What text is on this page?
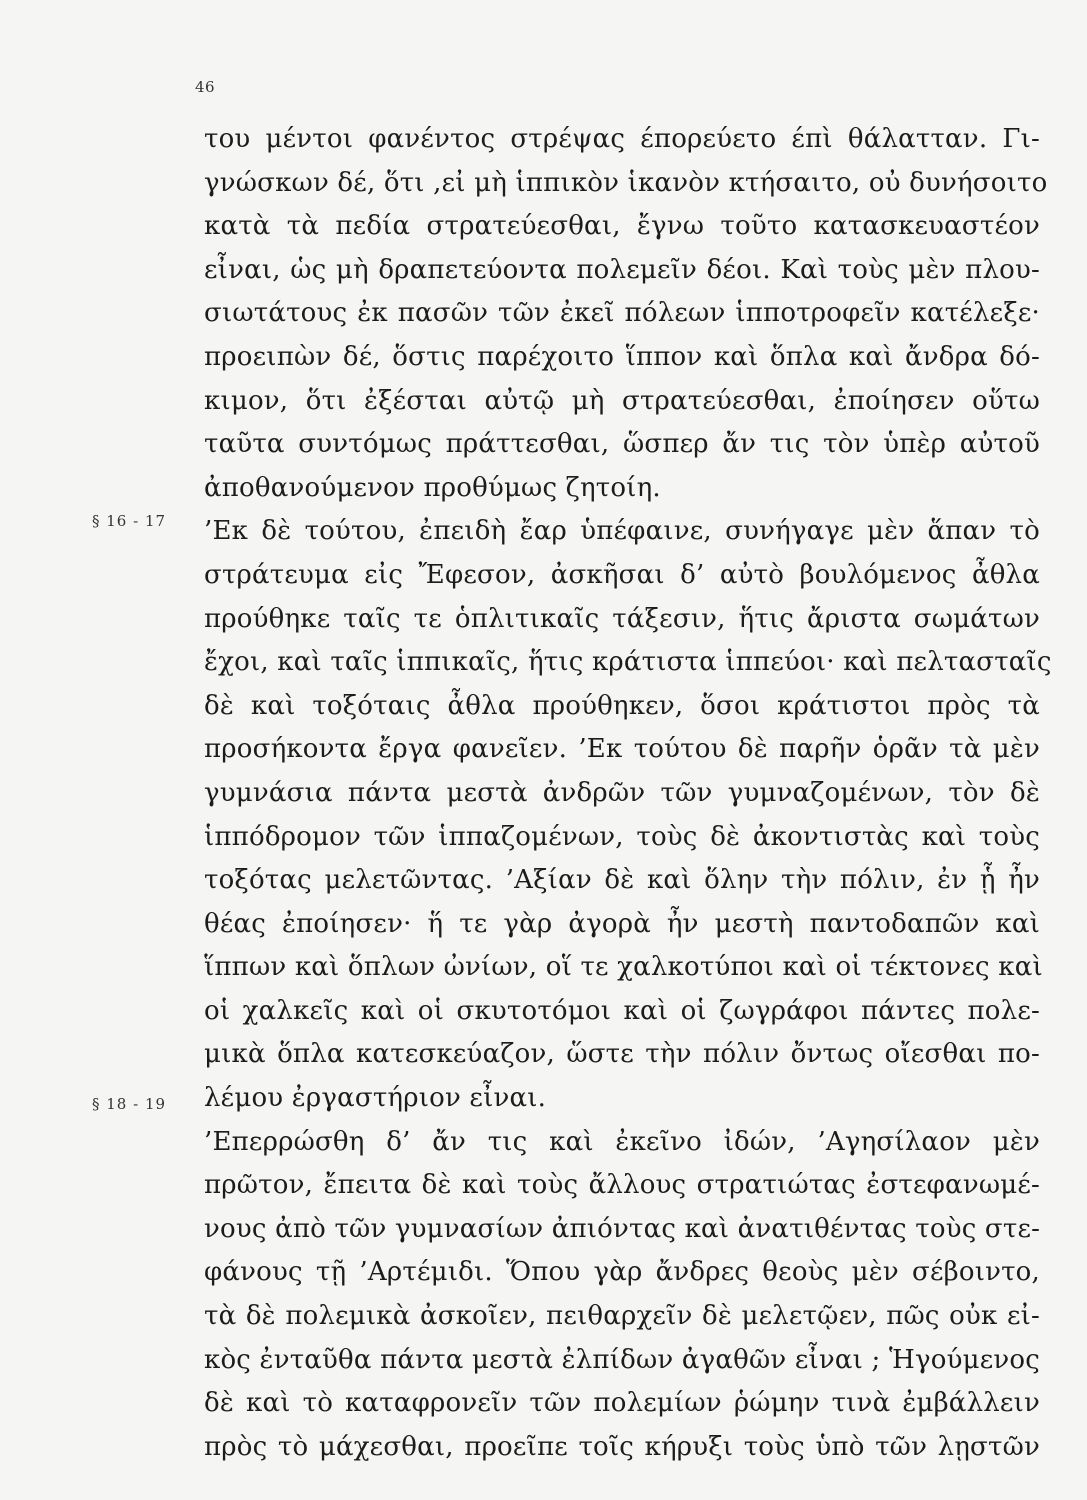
46
§ 16 - 17
§ 18 - 19
του μέντοι φανέντος στρέψας έπορεύετο έπὶ θάλατταν. Γι-
γνώσκων δέ, ὅτι ,εἰ μὴ ἱππικὸν ἱκανὸν κτήσαιτο, οὐ δυνήσοιτο
κατὰ τὰ πεδία στρατεύεσθαι, ἔγνω τοῦτο κατασκευαστέον
εἶναι, ὡς μὴ δραπετεύοντα πολεμεῖν δέοι. Καὶ τοὺς μὲν πλου-
σιωτάτους ἐκ πασῶν τῶν ἐκεῖ πόλεων ἱπποτροφεῖν κατέλεξε·
προειπὼν δέ, ὅστις παρέχοιτο ἵππον καὶ ὅπλα καὶ ἄνδρα δό-
κιμον, ὅτι ἐξέσται αὐτῷ μὴ στρατεύεσθαι, ἐποίησεν οὕτω
ταῦτα συντόμως πράττεσθαι, ὥσπερ ἄν τις τὸν ὑπὲρ αὐτοῦ
ἀποθανούμενον προθύμως ζητοίη.
’Εκ δὲ τούτου, ἐπειδὴ ἔαρ ὑπέφαινε, συνήγαγε μὲν ἅπαν τὸ
στράτευμα εἰς Ἔφεσον, ἀσκῆσαι δ’ αὐτὸ βουλόμενος ἆθλα
προύθηκε ταῖς τε ὁπλιτικαῖς τάξεσιν, ἥτις ἄριστα σωμάτων
ἔχοι, καὶ ταῖς ἱππικαῖς, ἥτις κράτιστα ἱππεύοι· καὶ πελτασταῖς
δὲ καὶ τοξόταις ἆθλα προύθηκεν, ὅσοι κράτιστοι πρὸς τὰ
προσήκοντα ἔργα φανεῖεν. ’Εκ τούτου δὲ παρῆν ὁρᾶν τὰ μὲν
γυμνάσια πάντα μεστὰ ἀνδρῶν τῶν γυμναζομένων, τὸν δὲ
ἱππόδρομον τῶν ἱππαζομένων, τοὺς δὲ ἀκοντιστὰς καὶ τοὺς
τοξότας μελετῶντας. ’Αξίαν δὲ καὶ ὅλην τὴν πόλιν, ἐν ᾗ ἦν
θέας ἐποίησεν· ἥ τε γὰρ ἀγορὰ ἦν μεστὴ παντοδαπῶν καὶ
ἵππων καὶ ὅπλων ὠνίων, οἵ τε χαλκοτύποι καὶ οἱ τέκτονες καὶ
οἱ χαλκεῖς καὶ οἱ σκυτοτόμοι καὶ οἱ ζωγράφοι πάντες πολε-
μικὰ ὅπλα κατεσκεύαζον, ὥστε τὴν πόλιν ὄντως οἴεσθαι πο-
λέμου ἐργαστήριον εἶναι.
’Επερρώσθη δ’ ἄν τις καὶ ἐκεῖνο ἰδών, ’Αγησίλαον μὲν
πρῶτον, ἔπειτα δὲ καὶ τοὺς ἄλλους στρατιώτας ἐστεφανωμέ-
νους ἀπὸ τῶν γυμνασίων ἀπιόντας καὶ ἀνατιθέντας τοὺς στε-
φάνους τῇ ’Αρτέμιδι. Ὅπου γὰρ ἄνδρες θεοὺς μὲν σέβοιντο,
τὰ δὲ πολεμικὰ ἀσκοῖεν, πειθαρχεῖν δὲ μελετῷεν, πῶς οὐκ εἰ-
κὸς ἐνταῦθα πάντα μεστὰ ἐλπίδων ἀγαθῶν εἶναι ; Ἡγούμενος
δὲ καὶ τὸ καταφρονεῖν τῶν πολεμίων ῥώμην τινὰ ἐμβάλλειν
πρὸς τὸ μάχεσθαι, προεῖπε τοῖς κήρυξι τοὺς ὑπὸ τῶν λῃστῶν
